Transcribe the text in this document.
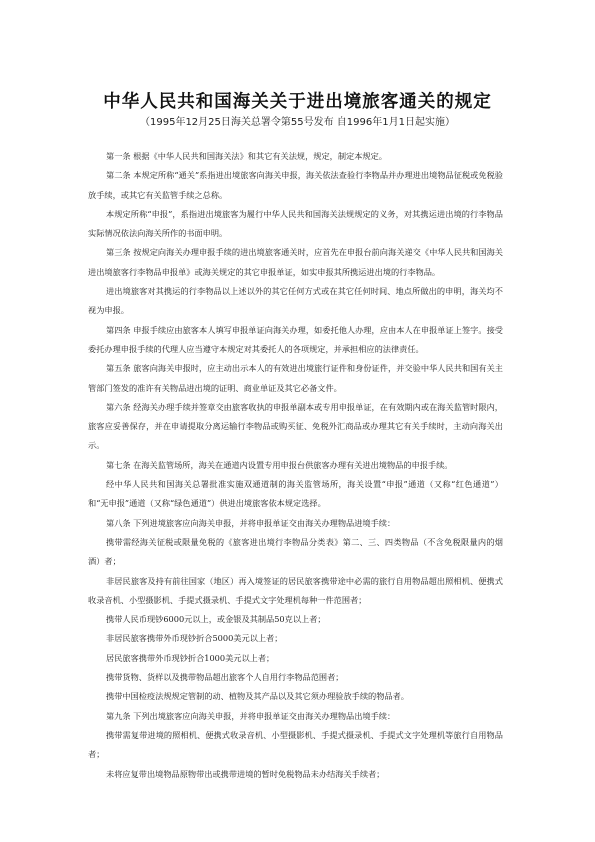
中华人民共和国海关关于进出境旅客通关的规定
（1995年12月25日海关总署令第55号发布 自1996年1月1日起实施）

第一条 根据《中华人民共和国海关法》和其它有关法规，规定，制定本规定。

第二条 本规定所称“通关”系指进出境旅客向海关申报，海关依法查验行李物品并办理进出境物品征税或免税验放手续，或其它有关监管手续之总称。

本规定所称“申报”，系指进出境旅客为履行中华人民共和国海关法规规定的义务，对其携运进出境的行李物品实际情况依法向海关所作的书面申明。

第三条 按规定向海关办理申报手续的进出境旅客通关时，应首先在申报台前向海关递交《中华人民共和国海关进出境旅客行李物品申报单》或海关规定的其它申报单证，如实申报其所携运进出境的行李物品。

进出境旅客对其携运的行李物品以上述以外的其它任何方式或在其它任何时间、地点所做出的申明，海关均不视为申报。

第四条 申报手续应由旅客本人填写申报单证向海关办理，如委托他人办理，应由本人在申报单证上签字。接受委托办理申报手续的代理人应当遵守本规定对其委托人的各项规定，并承担相应的法律责任。

第五条 旅客向海关申报时，应主动出示本人的有效进出境旅行证件和身份证件，并交验中华人民共和国有关主管部门签发的准许有关物品进出境的证明、商业单证及其它必备文件。

第六条 经海关办理手续并签章交由旅客收执的申报单副本或专用申报单证，在有效期内或在海关监管时限内，旅客应妥善保存，并在申请提取分离运输行李物品或购买征、免税外汇商品或办理其它有关手续时，主动向海关出示。

第七条 在海关监管场所，海关在通道内设置专用申报台供旅客办理有关进出境物品的申报手续。

经中华人民共和国海关总署批准实施双通道制的海关监管场所，海关设置“申报”通道（又称“红色通道”）和“无申报”通道（又称“绿色通道”）供进出境旅客依本规定选择。

第八条 下列进境旅客应向海关申报，并将申报单证交由海关办理物品进境手续：

携带需经海关征税或限量免税的《旅客进出境行李物品分类表》第二、三、四类物品（不含免税限量内的烟酒）者；

非居民旅客及持有前往国家（地区）再入境签证的居民旅客携带途中必需的旅行自用物品超出照相机、便携式收录音机、小型摄影机、手提式摄录机、手提式文字处理机每种一件范围者；

携带人民币现钞6000元以上，或金银及其制品50克以上者；

非居民旅客携带外币现钞折合5000美元以上者；

居民旅客携带外币现钞折合1000美元以上者；

携带货物、货样以及携带物品超出旅客个人自用行李物品范围者；

携带中国检疫法规规定管制的动、植物及其产品以及其它须办理验放手续的物品者。

第九条 下列出境旅客应向海关申报，并将申报单证交由海关办理物品出境手续：

携带需复带进境的照相机、便携式收录音机、小型摄影机、手提式摄录机、手提式文字处理机等旅行自用物品者；

未将应复带出境物品原物带出或携带进境的暂时免税物品未办结海关手续者；
